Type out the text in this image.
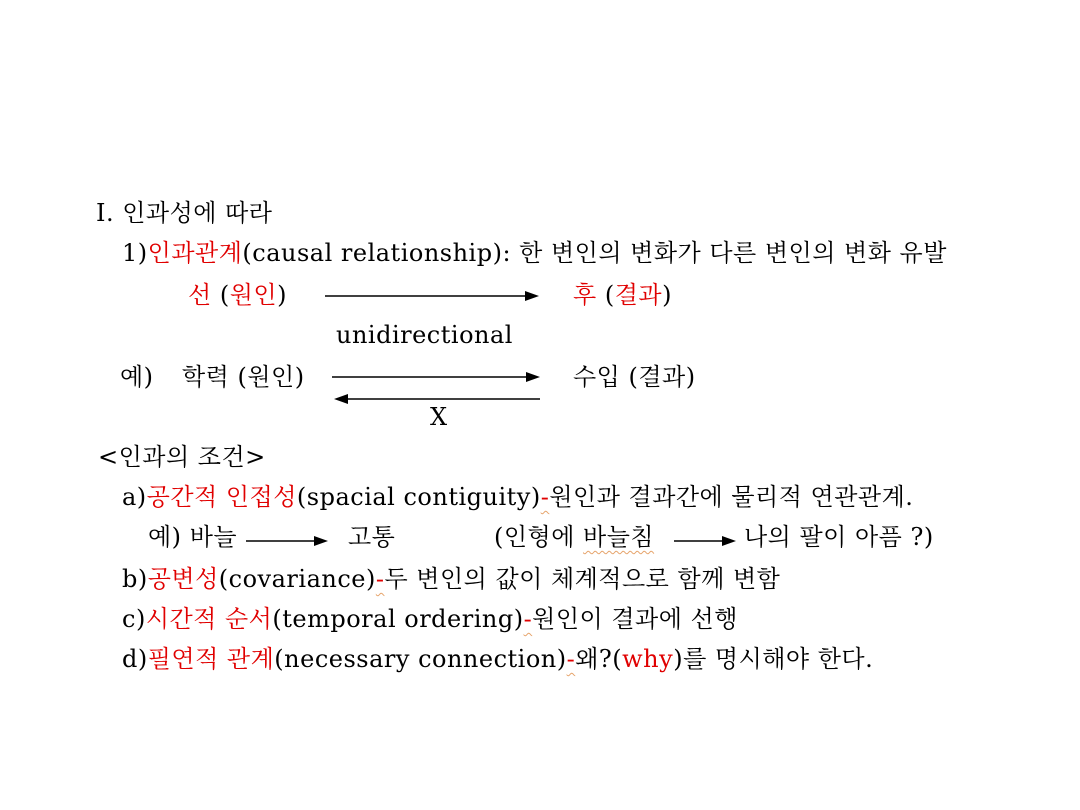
I. 인과성에 따라
1)인과관계(causal relationship): 한 변인의 변화가 다른 변인의 변화 유발
선 (원인)	후 (결과)
unidirectional
예) 학력 (원인)	수입 (결과)
X
<인과의 조건>
a)공간적 인접성(spacial contiguity)-원인과 결과간에 물리적 연관관계.
예) 바늘	고통	(인형에 바늘침	나의 팔이 아픔 ?)
b)공변성(covariance)-두 변인의 값이 체계적으로 함께 변함
c)시간적 순서(temporal ordering)-원인이 결과에 선행
d)필연적 관계(necessary connection)-왜?(why)를 명시해야 한다.
